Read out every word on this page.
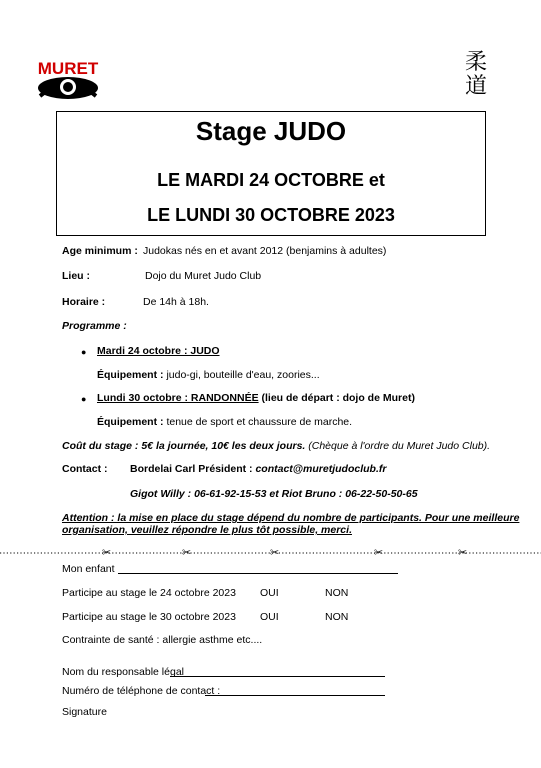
MURET	柔
道
Stage JUDO
LE MARDI 24 OCTOBRE et
LE LUNDI 30 OCTOBRE 2023
Age minimum : Judokas nés en et avant 2012 (benjamins à adultes)
Lieu :	Dojo du Muret Judo Club
Horaire :	De 14h à 18h.
Programme :
● Mardi 24 octobre : JUDO
Équipement : judo-gi, bouteille d'eau, zoories...
● Lundi 30 octobre : RANDONNÉE (lieu de départ : dojo de Muret)
Équipement : tenue de sport et chaussure de marche.
Coût du stage : 5€ la journée, 10€ les deux jours. (Chèque à l'ordre du Muret Judo Club).
Contact : Bordelai Carl Président : contact@muretjudoclub.fr
Gigot Willy : 06-61-92-15-53 et Riot Bruno : 06-22-50-50-65
Attention : la mise en place du stage dépend du nombre de participants. Pour une meilleure
organisation, veuillez répondre le plus tôt possible, merci.
✂	✂	✂	✂	✂
Mon enfant
Participe au stage le 24 octobre 2023 OUI	NON
Participe au stage le 30 octobre 2023 OUI	NON
Contrainte de santé : allergie asthme etc....
Nom du responsable légal
Numéro de téléphone de contact :
Signature
